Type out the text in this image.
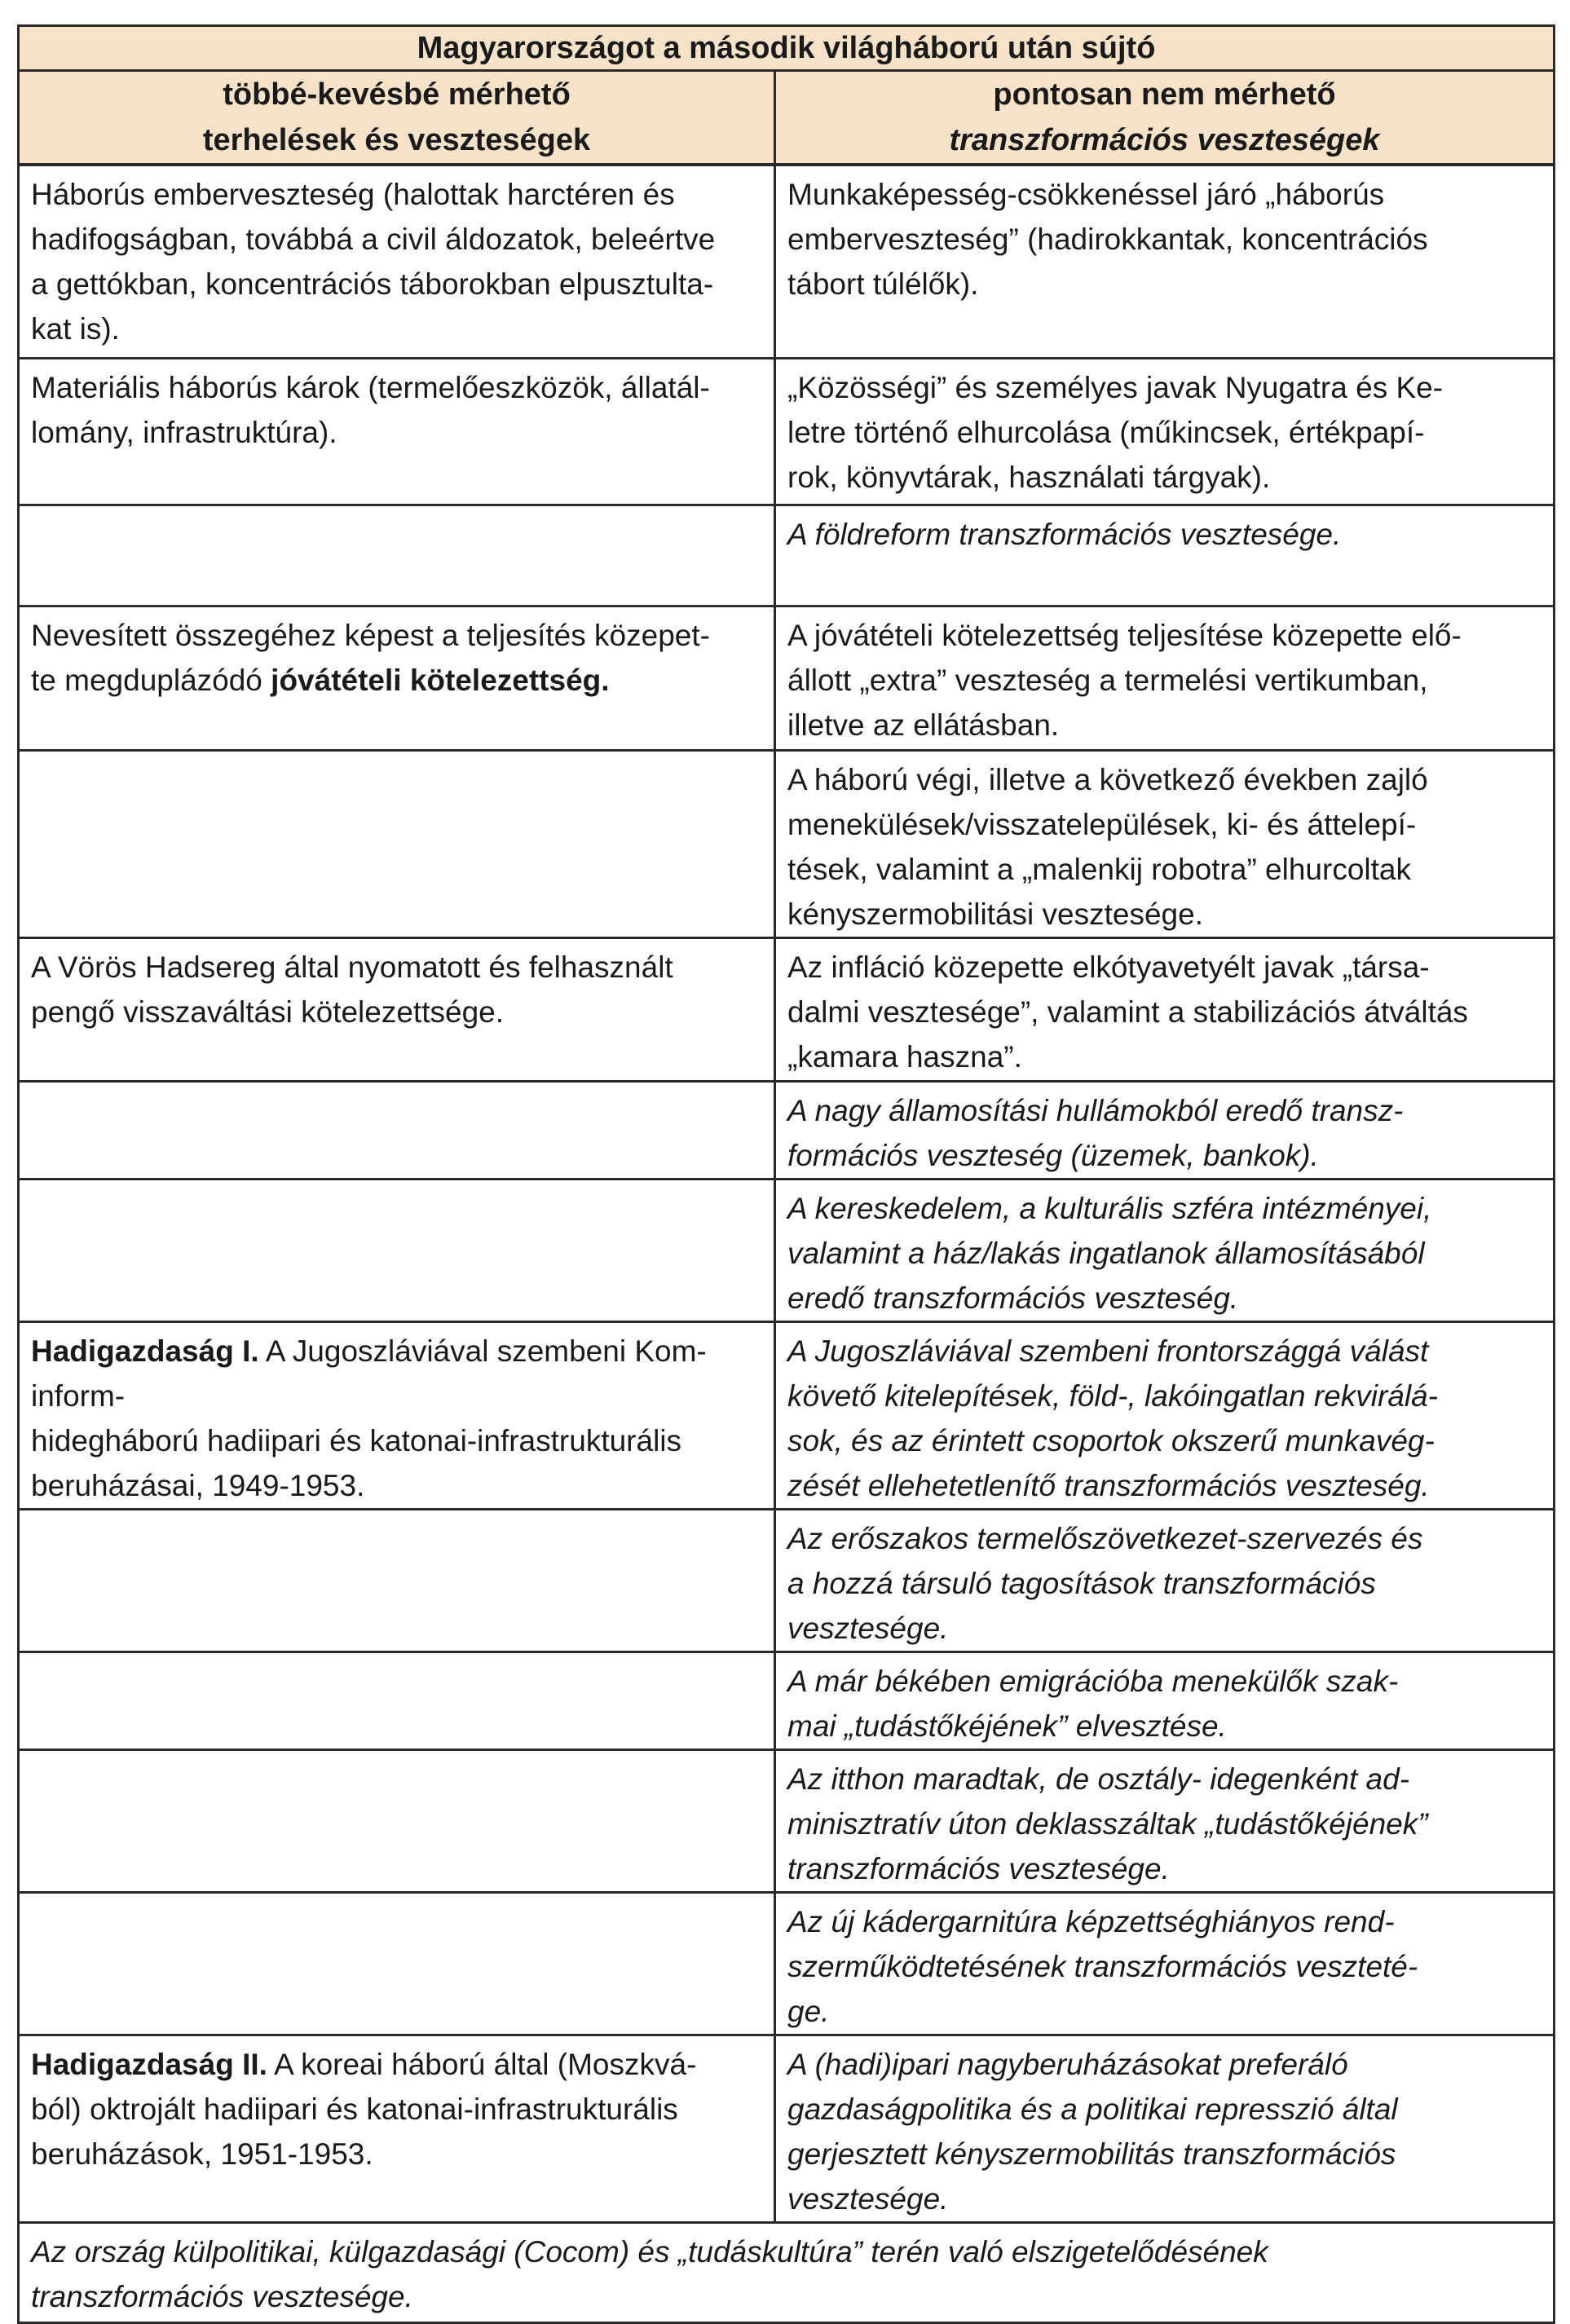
Magyarországot a második világháború után sújtó	

többé-kevésbé mérhető
terhelések és veszteségek	pontosan nem mérhető
transzformációs veszteségek

Háborús emberveszteség (halottak harctéren és
hadifogságban, továbbá a civil áldozatok, beleértve
a gettókban, koncentrációs táborokban elpusztulta-
kat is).	Munkaképesség-csökkenéssel járó „háborús
emberveszteség” (hadirokkantak, koncentrációs
tábort túlélők).

Materiális háborús károk (termelőeszközök, állatál-
lomány, infrastruktúra).	„Közösségi” és személyes javak Nyugatra és Ke-
letre történő elhurcolása (műkincsek, értékpapí-
rok, könyvtárak, használati tárgyak).

	A földreform transzformációs vesztesége.

Nevesített összegéhez képest a teljesítés közepet-
te megduplázódó jóvátételi kötelezettség.	A jóvátételi kötelezettség teljesítése közepette elő-
állott „extra” veszteség a termelési vertikumban,
illetve az ellátásban.

	A háború végi, illetve a következő években zajló
menekülések/visszatelepülések, ki- és áttelepí-
tések, valamint a „malenkij robotra” elhurcoltak
kényszermobilitási vesztesége.

A Vörös Hadsereg által nyomatott és felhasznált
pengő visszaváltási kötelezettsége.	Az infláció közepette elkótyavetyélt javak „társa-
dalmi vesztesége”, valamint a stabilizációs átváltás
„kamara haszna”.

	A nagy államosítási hullámokból eredő transz-
formációs veszteség (üzemek, bankok).

	A kereskedelem, a kulturális szféra intézményei,
valamint a ház/lakás ingatlanok államosításából
eredő transzformációs veszteség.

Hadigazdaság I. A Jugoszláviával szembeni Kom-
inform-
hidegháború hadiipari és katonai-infrastrukturális
beruházásai, 1949-1953.	A Jugoszláviával szembeni frontországgá válást
követő kitelepítések, föld-, lakóingatlan rekvirálá-
sok, és az érintett csoportok okszerű munkavég-
zését ellehetetlenítő transzformációs veszteség.

	Az erőszakos termelőszövetkezet-szervezés és
a hozzá társuló tagosítások transzformációs
vesztesége.

	A már békében emigrációba menekülők szak-
mai „tudástőkéjének” elvesztése.

	Az itthon maradtak, de osztály- idegenként ad-
minisztratív úton deklasszáltak „tudástőkéjének”
transzformációs vesztesége.

	Az új kádergarnitúra képzettséghiányos rend-
szerműködtetésének transzformációs veszteté-
ge.

Hadigazdaság II. A koreai háború által (Moszkvá-
ból) oktrojált hadiipari és katonai-infrastrukturális
beruházások, 1951-1953.	A (hadi)ipari nagyberuházásokat preferáló
gazdaságpolitika és a politikai represszió által
gerjesztett kényszermobilitás transzformációs
vesztesége.

Az ország külpolitikai, külgazdasági (Cocom) és „tudáskultúra” terén való elszigetelődésének
transzformációs vesztesége.	
